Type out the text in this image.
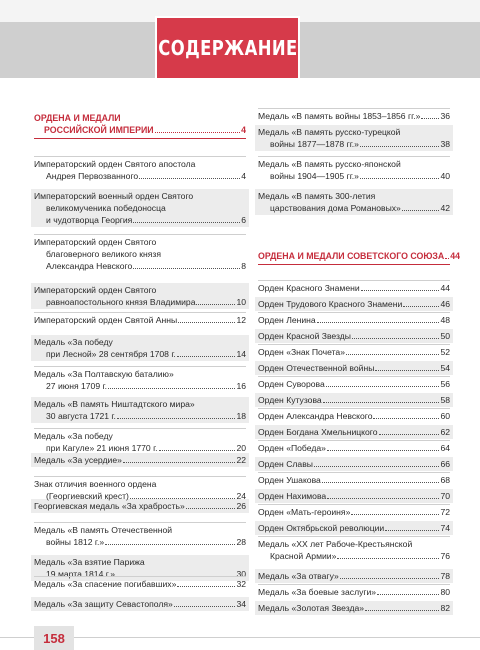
СОДЕРЖАНИЕ
ОРДЕНА И МЕДАЛИ
РОССИЙСКОЙ ИМПЕРИИ	4
Императорский орден Святого апостола
Андрея Первозванного	4
Императорский военный орден Святого
великомученика победоносца
и чудотворца Георгия	6
Императорский орден Святого
благоверного великого князя
Александра Невского	8
Императорский орден Святого
равноапостольного князя Владимира	10
Императорский орден Святой Анны	12
Медаль «За победу
при Лесной» 28 сентября 1708 г.	14
Медаль «За Полтавскую баталию»
27 июня 1709 г.	16
Медаль «В память Ништадтского мира»
30 августа 1721 г.	18
Медаль «За победу
при Кагуле» 21 июня 1770 г.	20
Медаль «За усердие»	22
Знак отличия военного ордена
(Георгиевский крест)	24
Георгиевская медаль «За храбрость»	26
Медаль «В память Отечественной
войны 1812 г.»	28
Медаль «За взятие Парижа
19 марта 1814 г.»	30
Медаль «За спасение погибавших»	32
Медаль «За защиту Севастополя»	34
Медаль «В память войны 1853–1856 гг.» 36
Медаль «В память русско-турецкой
войны 1877—1878 гг.»	38
Медаль «В память русско-японской
войны 1904—1905 гг.»	40
Медаль «В память 300-летия
царствования дома Романовых»	42
ОРДЕНА И МЕДАЛИ СОВЕТСКОГО СОЮЗА 44
Орден Красного Знамени	44
Орден Трудового Красного Знамени	46
Орден Ленина	48
Орден Красной Звезды	50
Орден «Знак Почета»	52
Орден Отечественной войны	54
Орден Суворова	56
Орден Кутузова	58
Орден Александра Невского	60
Орден Богдана Хмельницкого	62
Орден «Победа»	64
Орден Славы	66
Орден Ушакова	68
Орден Нахимова	70
Орден «Мать-героиня»	72
Орден Октябрьской революции	74
Медаль «XX лет Рабоче-Крестьянской
Красной Армии»	76
Медаль «За отвагу»	78
Медаль «За боевые заслуги»	80
Медаль «Золотая Звезда»	82
158
